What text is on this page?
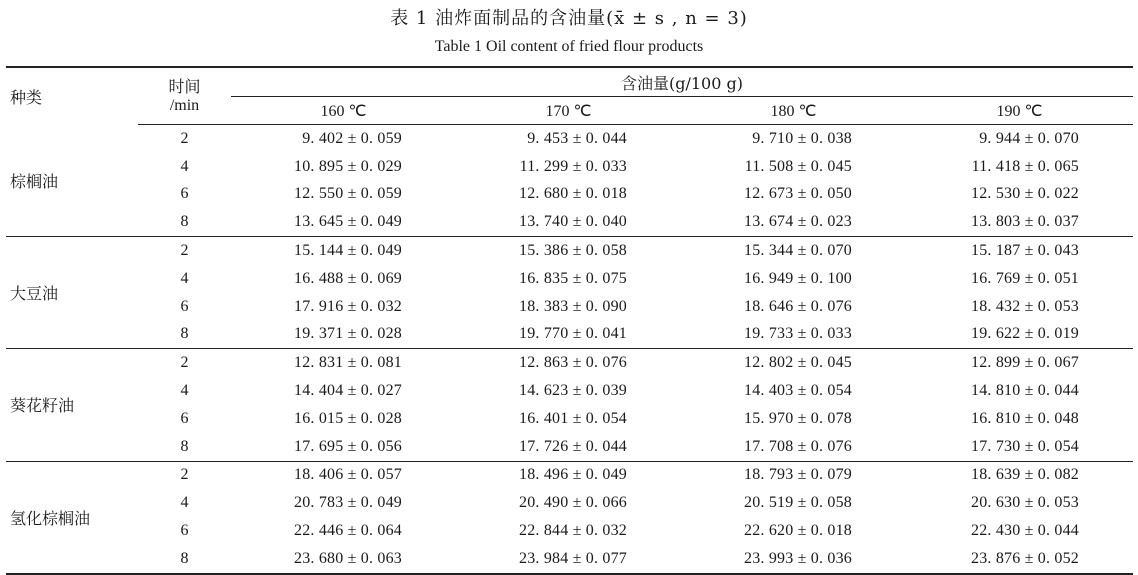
表 1 油炸面制品的含油量(x̄ ± s , n = 3)
Table 1 Oil content of fried flour products
种类	时间	含油量(g/100 g)			
	/min	160 ℃	170 ℃	180 ℃	190 ℃
棕榈油	2	9. 402 ± 0. 059	9. 453 ± 0. 044	9. 710 ± 0. 038	9. 944 ± 0. 070
	4	10. 895 ± 0. 029	11. 299 ± 0. 033	11. 508 ± 0. 045	11. 418 ± 0. 065
	6	12. 550 ± 0. 059	12. 680 ± 0. 018	12. 673 ± 0. 050	12. 530 ± 0. 022
	8	13. 645 ± 0. 049	13. 740 ± 0. 040	13. 674 ± 0. 023	13. 803 ± 0. 037
大豆油	2	15. 144 ± 0. 049	15. 386 ± 0. 058	15. 344 ± 0. 070	15. 187 ± 0. 043
	4	16. 488 ± 0. 069	16. 835 ± 0. 075	16. 949 ± 0. 100	16. 769 ± 0. 051
	6	17. 916 ± 0. 032	18. 383 ± 0. 090	18. 646 ± 0. 076	18. 432 ± 0. 053
	8	19. 371 ± 0. 028	19. 770 ± 0. 041	19. 733 ± 0. 033	19. 622 ± 0. 019
葵花籽油	2	12. 831 ± 0. 081	12. 863 ± 0. 076	12. 802 ± 0. 045	12. 899 ± 0. 067
	4	14. 404 ± 0. 027	14. 623 ± 0. 039	14. 403 ± 0. 054	14. 810 ± 0. 044
	6	16. 015 ± 0. 028	16. 401 ± 0. 054	15. 970 ± 0. 078	16. 810 ± 0. 048
	8	17. 695 ± 0. 056	17. 726 ± 0. 044	17. 708 ± 0. 076	17. 730 ± 0. 054
氢化棕榈油	2	18. 406 ± 0. 057	18. 496 ± 0. 049	18. 793 ± 0. 079	18. 639 ± 0. 082
	4	20. 783 ± 0. 049	20. 490 ± 0. 066	20. 519 ± 0. 058	20. 630 ± 0. 053
	6	22. 446 ± 0. 064	22. 844 ± 0. 032	22. 620 ± 0. 018	22. 430 ± 0. 044
	8	23. 680 ± 0. 063	23. 984 ± 0. 077	23. 993 ± 0. 036	23. 876 ± 0. 052
